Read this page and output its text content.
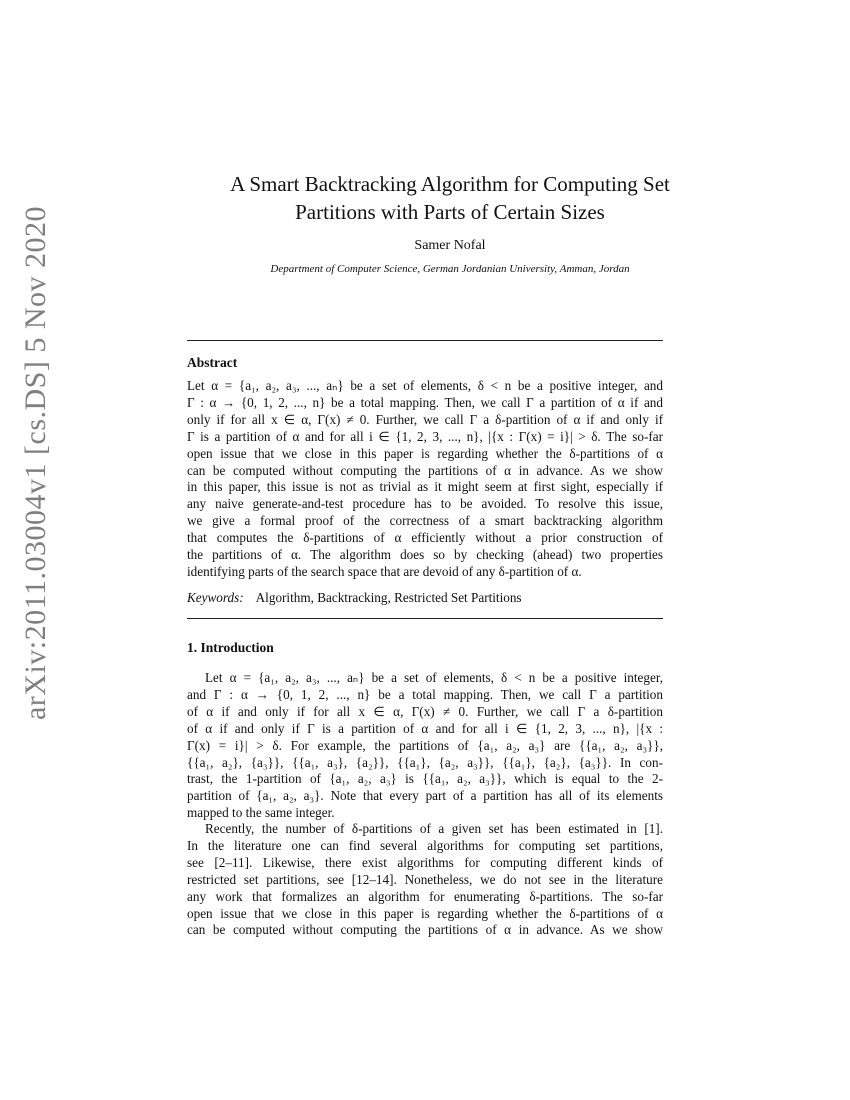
arXiv:2011.03004v1 [cs.DS] 5 Nov 2020
A Smart Backtracking Algorithm for Computing Set
Partitions with Parts of Certain Sizes
Samer Nofal
Department of Computer Science, German Jordanian University, Amman, Jordan
Abstract
Let α = {a₁, a₂, a₃, ..., aₙ} be a set of elements, δ < n be a positive integer, and
Γ : α → {0, 1, 2, ..., n} be a total mapping. Then, we call Γ a partition of α if and
only if for all x ∈ α, Γ(x) ≠ 0. Further, we call Γ a δ-partition of α if and only if
Γ is a partition of α and for all i ∈ {1, 2, 3, ..., n}, |{x : Γ(x) = i}| > δ. The so-far
open issue that we close in this paper is regarding whether the δ-partitions of α
can be computed without computing the partitions of α in advance. As we show
in this paper, this issue is not as trivial as it might seem at first sight, especially if
any naive generate-and-test procedure has to be avoided. To resolve this issue,
we give a formal proof of the correctness of a smart backtracking algorithm
that computes the δ-partitions of α efficiently without a prior construction of
the partitions of α. The algorithm does so by checking (ahead) two properties
identifying parts of the search space that are devoid of any δ-partition of α.
Keywords: Algorithm, Backtracking, Restricted Set Partitions
1. Introduction
Let α = {a₁, a₂, a₃, ..., aₙ} be a set of elements, δ < n be a positive integer,
and Γ : α → {0, 1, 2, ..., n} be a total mapping. Then, we call Γ a partition
of α if and only if for all x ∈ α, Γ(x) ≠ 0. Further, we call Γ a δ-partition
of α if and only if Γ is a partition of α and for all i ∈ {1, 2, 3, ..., n}, |{x :
Γ(x) = i}| > δ. For example, the partitions of {a₁, a₂, a₃} are {{a₁, a₂, a₃}},
{{a₁, a₂}, {a₃}}, {{a₁, a₃}, {a₂}}, {{a₁}, {a₂, a₃}}, {{a₁}, {a₂}, {a₃}}. In con-
trast, the 1-partition of {a₁, a₂, a₃} is {{a₁, a₂, a₃}}, which is equal to the 2-
partition of {a₁, a₂, a₃}. Note that every part of a partition has all of its elements
mapped to the same integer.
Recently, the number of δ-partitions of a given set has been estimated in [1].
In the literature one can find several algorithms for computing set partitions,
see [2–11]. Likewise, there exist algorithms for computing different kinds of
restricted set partitions, see [12–14]. Nonetheless, we do not see in the literature
any work that formalizes an algorithm for enumerating δ-partitions. The so-far
open issue that we close in this paper is regarding whether the δ-partitions of α
can be computed without computing the partitions of α in advance. As we show
